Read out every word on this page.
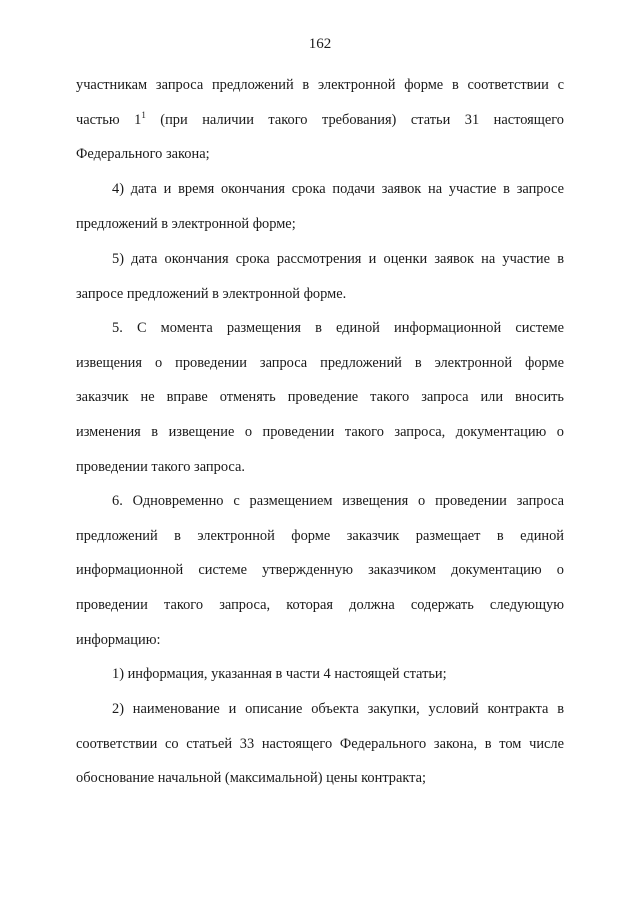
162
участникам запроса предложений в электронной форме в соответствии с
частью $1^1$ (при наличии такого требования) статьи 31 настоящего
Федерального закона;
4) дата и время окончания срока подачи заявок на участие в запросе
предложений в электронной форме;
5) дата окончания срока рассмотрения и оценки заявок на участие в
запросе предложений в электронной форме.
5. С момента размещения в единой информационной системе
извещения о проведении запроса предложений в электронной форме
заказчик не вправе отменять проведение такого запроса или вносить
изменения в извещение о проведении такого запроса, документацию о
проведении такого запроса.
6. Одновременно с размещением извещения о проведении запроса
предложений в электронной форме заказчик размещает в единой
информационной системе утвержденную заказчиком документацию о
проведении такого запроса, которая должна содержать следующую
информацию:
1) информация, указанная в части 4 настоящей статьи;
2) наименование и описание объекта закупки, условий контракта в
соответствии со статьей 33 настоящего Федерального закона, в том числе
обоснование начальной (максимальной) цены контракта;
